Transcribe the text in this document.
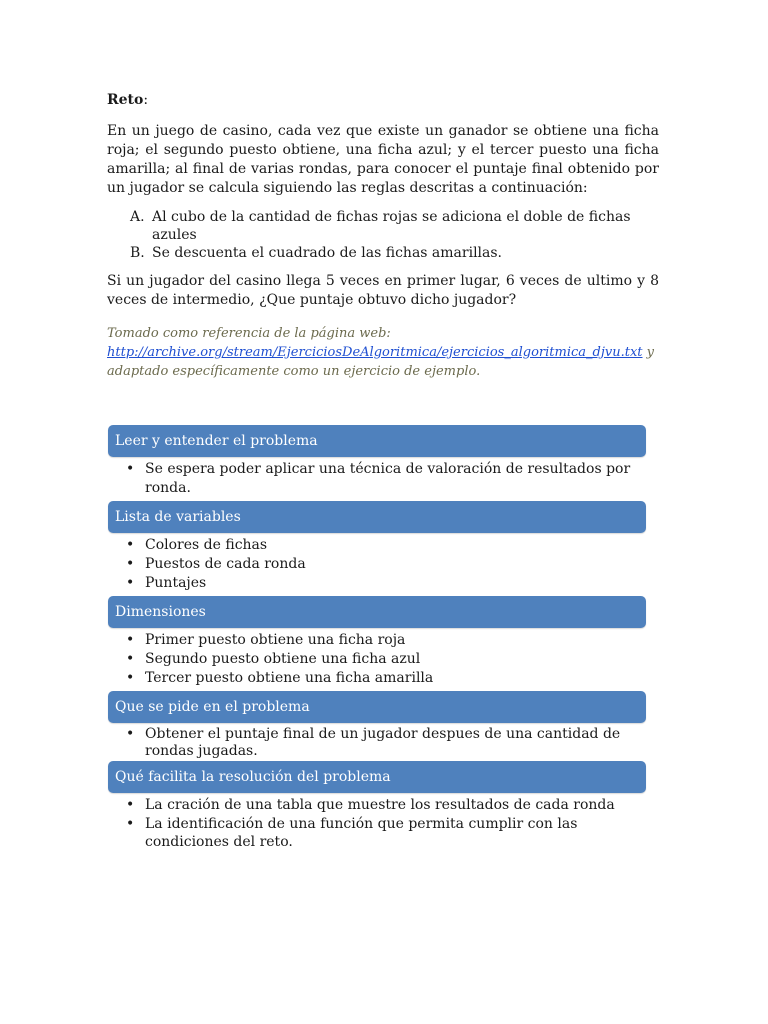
Reto:

En un juego de casino, cada vez que existe un ganador se obtiene una ficha roja; el segundo puesto obtiene, una ficha azul; y el tercer puesto una ficha amarilla; al final de varias rondas, para conocer el puntaje final obtenido por un jugador se calcula siguiendo las reglas descritas a continuación:

A. Al cubo de la cantidad de fichas rojas se adiciona el doble de fichas azules
B. Se descuenta el cuadrado de las fichas amarillas.

Si un jugador del casino llega 5 veces en primer lugar, 6 veces de ultimo y 8 veces de intermedio, ¿Que puntaje obtuvo dicho jugador?

Tomado como referencia de la página web:
http://archive.org/stream/EjerciciosDeAlgoritmica/ejercicios_algoritmica_djvu.txt y
adaptado específicamente como un ejercicio de ejemplo.

Leer y entender el problema
• Se espera poder aplicar una técnica de valoración de resultados por ronda.
Lista de variables
• Colores de fichas
• Puestos de cada ronda
• Puntajes
Dimensiones
• Primer puesto obtiene una ficha roja
• Segundo puesto obtiene una ficha azul
• Tercer puesto obtiene una ficha amarilla
Que se pide en el problema
• Obtener el puntaje final de un jugador despues de una cantidad de rondas jugadas.
Qué facilita la resolución del problema
• La cración de una tabla que muestre los resultados de cada ronda
• La identificación de una función que permita cumplir con las condiciones del reto.
